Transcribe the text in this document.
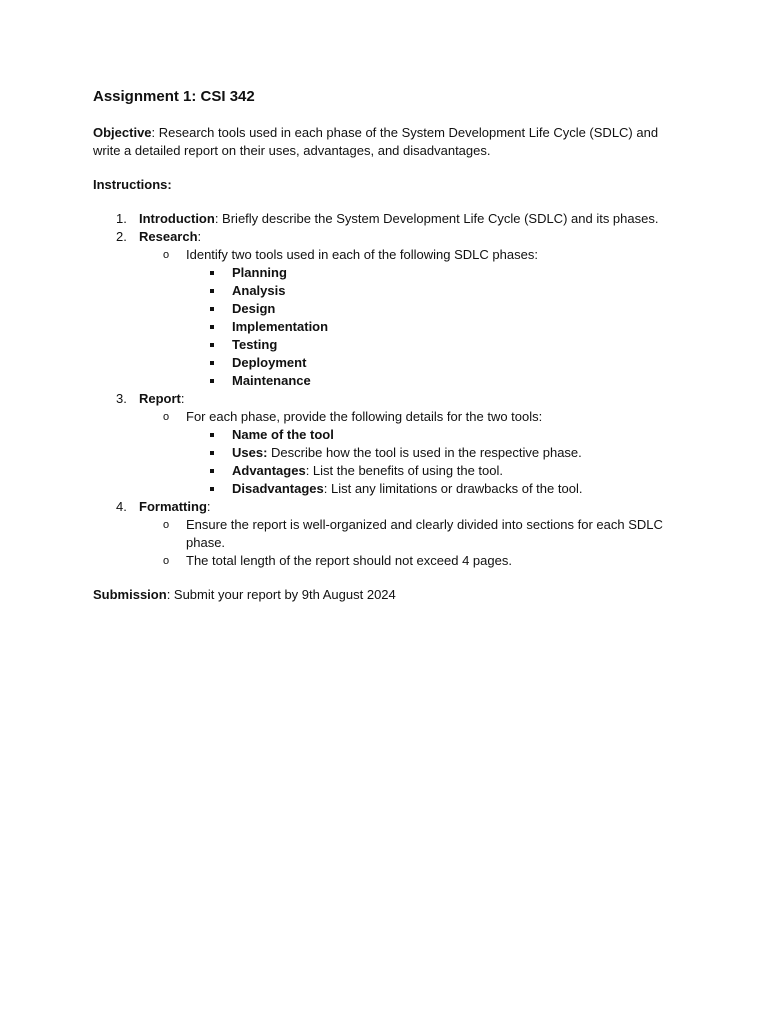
Assignment 1: CSI 342

Objective: Research tools used in each phase of the System Development Life Cycle (SDLC) and write a detailed report on their uses, advantages, and disadvantages.

Instructions:

1. Introduction: Briefly describe the System Development Life Cycle (SDLC) and its phases.
2. Research:
o Identify two tools used in each of the following SDLC phases:
Planning
Analysis
Design
Implementation
Testing
Deployment
Maintenance
3. Report:
o For each phase, provide the following details for the two tools:
Name of the tool
Uses: Describe how the tool is used in the respective phase.
Advantages: List the benefits of using the tool.
Disadvantages: List any limitations or drawbacks of the tool.
4. Formatting:
o Ensure the report is well-organized and clearly divided into sections for each SDLC phase.
o The total length of the report should not exceed 4 pages.

Submission: Submit your report by 9th August 2024
